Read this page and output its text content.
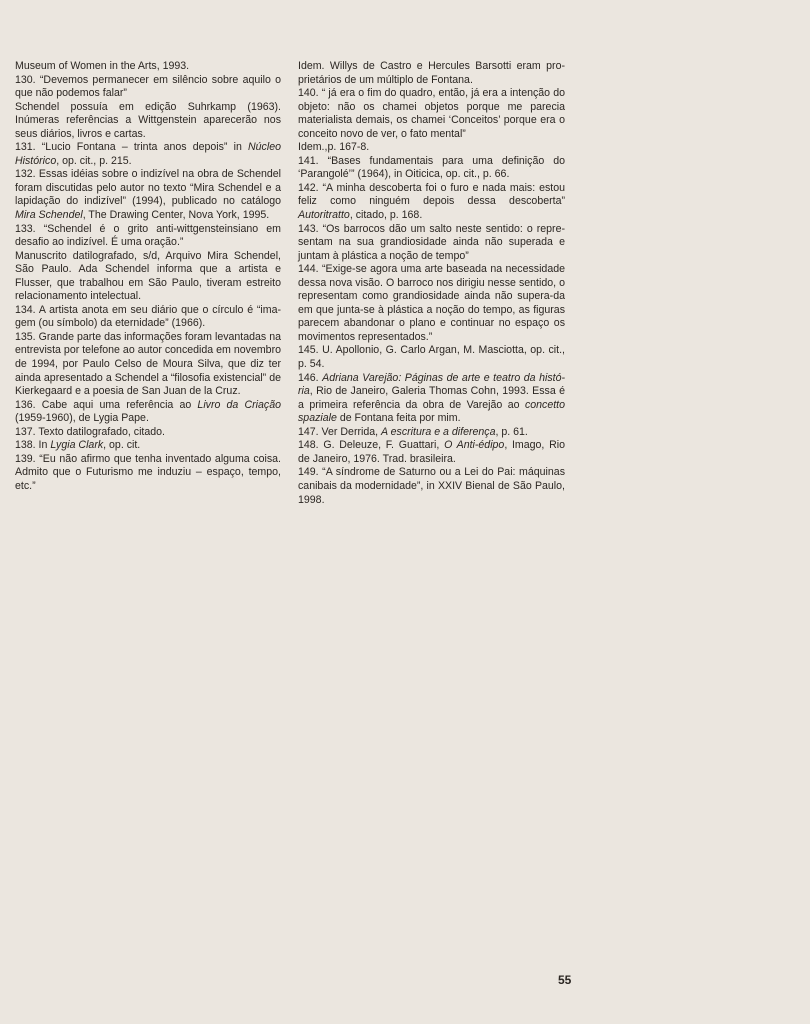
Museum of Women in the Arts, 1993.

130. “Devemos permanecer em silêncio sobre aquilo o que não podemos falar”

Schendel possuía em edição Suhrkamp (1963). Inúmeras referências a Wittgenstein aparecerão nos seus diários, livros e cartas.

131. “Lucio Fontana – trinta anos depois” in Núcleo Histórico, op. cit., p. 215.

132. Essas idéias sobre o indizível na obra de Schendel foram discutidas pelo autor no texto “Mira Schendel e a lapidação do indizível” (1994), publicado no catálogo Mira Schendel, The Drawing Center, Nova York, 1995.

133. “Schendel é o grito anti-wittgensteinsiano em desafio ao indizível. É uma oração.”

Manuscrito datilografado, s/d, Arquivo Mira Schendel, São Paulo. Ada Schendel informa que a artista e Flusser, que trabalhou em São Paulo, tiveram estreito relacionamento intelectual.

134. A artista anota em seu diário que o círculo é “ima-gem (ou símbolo) da eternidade” (1966).

135. Grande parte das informações foram levantadas na entrevista por telefone ao autor concedida em novembro de 1994, por Paulo Celso de Moura Silva, que diz ter ainda apresentado a Schendel a “filosofia existencial” de Kierkegaard e a poesia de San Juan de la Cruz.

136. Cabe aqui uma referência ao Livro da Criação (1959-1960), de Lygia Pape.

137. Texto datilografado, citado.

138. In Lygia Clark, op. cit.

139. “Eu não afirmo que tenha inventado alguma coisa. Admito que o Futurismo me induziu – espaço, tempo, etc.”

Idem. Willys de Castro e Hercules Barsotti eram pro-prietários de um múltiplo de Fontana.

140. “ já era o fim do quadro, então, já era a intenção do objeto: não os chamei objetos porque me parecia materialista demais, os chamei ‘Conceitos’ porque era o conceito novo de ver, o fato mental”

Idem.,p. 167-8.

141. “Bases fundamentais para uma definição do ‘Parangolé’” (1964), in Oiticica, op. cit., p. 66.

142. “A minha descoberta foi o furo e nada mais: estou feliz como ninguém depois dessa descoberta” Autoritratto, citado, p. 168.

143. “Os barrocos dão um salto neste sentido: o repre-sentam na sua grandiosidade ainda não superada e juntam à plástica a noção de tempo”

144. “Exige-se agora uma arte baseada na necessidade dessa nova visão. O barroco nos dirigiu nesse sentido, o representam como grandiosidade ainda não supera-da em que junta-se à plástica a noção do tempo, as figuras parecem abandonar o plano e continuar no espaço os movimentos representados.”

145. U. Apollonio, G. Carlo Argan, M. Masciotta, op. cit., p. 54.

146. Adriana Varejão: Páginas de arte e teatro da histó-ria, Rio de Janeiro, Galeria Thomas Cohn, 1993. Essa é a primeira referência da obra de Varejão ao concetto spaziale de Fontana feita por mim.

147. Ver Derrida, A escritura e a diferença, p. 61.

148. G. Deleuze, F. Guattari, O Anti-édipo, Imago, Rio de Janeiro, 1976. Trad. brasileira.

149. “A síndrome de Saturno ou a Lei do Pai: máquinas canibais da modernidade”, in XXIV Bienal de São Paulo, 1998.

55
